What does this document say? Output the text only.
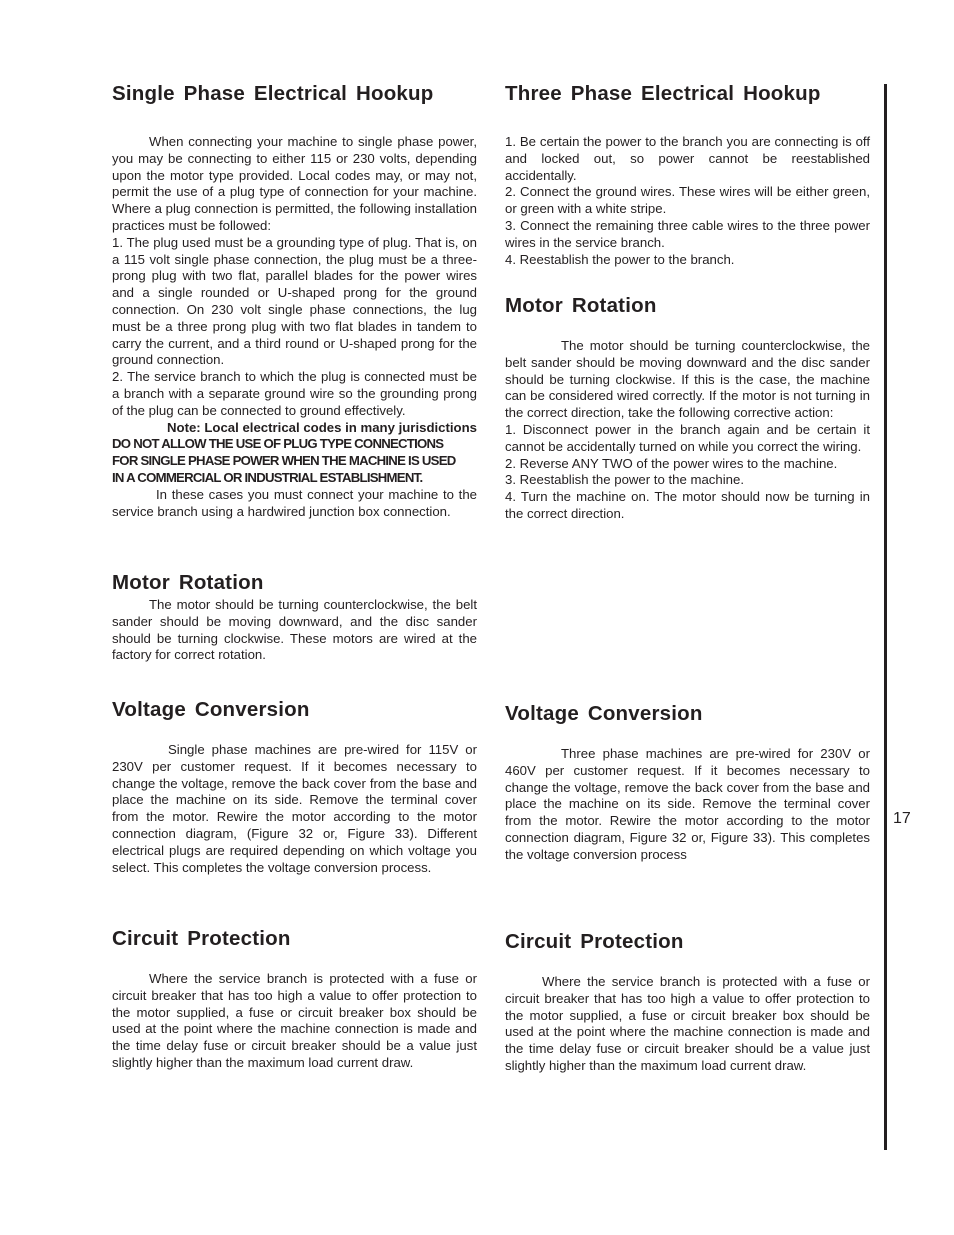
Single Phase Electrical Hookup

When connecting your machine to single phase power, you may be connecting to either 115 or 230 volts, depending upon the motor type provided. Local codes may, or may not, permit the use of a plug type of connection for your machine. Where a plug connection is permitted, the following installation practices must be followed:

1. The plug used must be a grounding type of plug. That is, on a 115 volt single phase connection, the plug must be a three-prong plug with two flat, parallel blades for the power wires and a single rounded or U-shaped prong for the ground connection. On 230 volt single phase connections, the lug must be a three prong plug with two flat blades in tandem to carry the current, and a third round or U-shaped prong for the ground connection.

2. The service branch to which the plug is connected must be a branch with a separate ground wire so the grounding prong of the plug can be connected to ground effectively.

Note: Local electrical codes in many jurisdictions

DO NOT ALLOW THE USE OF PLUG TYPE CONNECTIONS

FOR SINGLE PHASE POWER WHEN THE MACHINE IS USED

IN A COMMERCIAL OR INDUSTRIAL ESTABLISHMENT.

In these cases you must connect your machine to the service branch using a hardwired junction box connection.

Motor Rotation

The motor should be turning counterclockwise, the belt sander should be moving downward, and the disc sander should be turning clockwise. These motors are wired at the factory for correct rotation.

Voltage Conversion

Single phase machines are pre-wired for 115V or 230V per customer request. If it becomes necessary to change the voltage, remove the back cover from the base and place the machine on its side. Remove the terminal cover from the motor. Rewire the motor according to the motor connection diagram, (Figure 32 or, Figure 33). Different electrical plugs are required depending on which voltage you select. This completes the voltage conversion process.

Circuit Protection

Where the service branch is protected with a fuse or circuit breaker that has too high a value to offer protection to the motor supplied, a fuse or circuit breaker box should be used at the point where the machine connection is made and the time delay fuse or circuit breaker should be a value just slightly higher than the maximum load current draw.

Three Phase Electrical Hookup

1. Be certain the power to the branch you are connecting is off and locked out, so power cannot be reestablished accidentally.

2. Connect the ground wires. These wires will be either green, or green with a white stripe.

3. Connect the remaining three cable wires to the three power wires in the service branch.

4. Reestablish the power to the branch.

Motor Rotation

The motor should be turning counterclockwise, the belt sander should be moving downward and the disc sander should be turning clockwise. If this is the case, the machine can be considered wired correctly. If the motor is not turning in the correct direction, take the following corrective action:

1. Disconnect power in the branch again and be certain it cannot be accidentally turned on while you correct the wiring.

2. Reverse ANY TWO of the power wires to the machine.

3. Reestablish the power to the machine.

4. Turn the machine on. The motor should now be turning in the correct direction.

Voltage Conversion

Three phase machines are pre-wired for 230V or 460V per customer request. If it becomes necessary to change the voltage, remove the back cover from the base and place the machine on its side. Remove the terminal cover from the motor. Rewire the motor according to the motor connection diagram, Figure 32 or, Figure 33). This completes the voltage conversion process

Circuit Protection

Where the service branch is protected with a fuse or circuit breaker that has too high a value to offer protection to the motor supplied, a fuse or circuit breaker box should be used at the point where the machine connection is made and the time delay fuse or circuit breaker should be a value just slightly higher than the maximum load current draw.

17
